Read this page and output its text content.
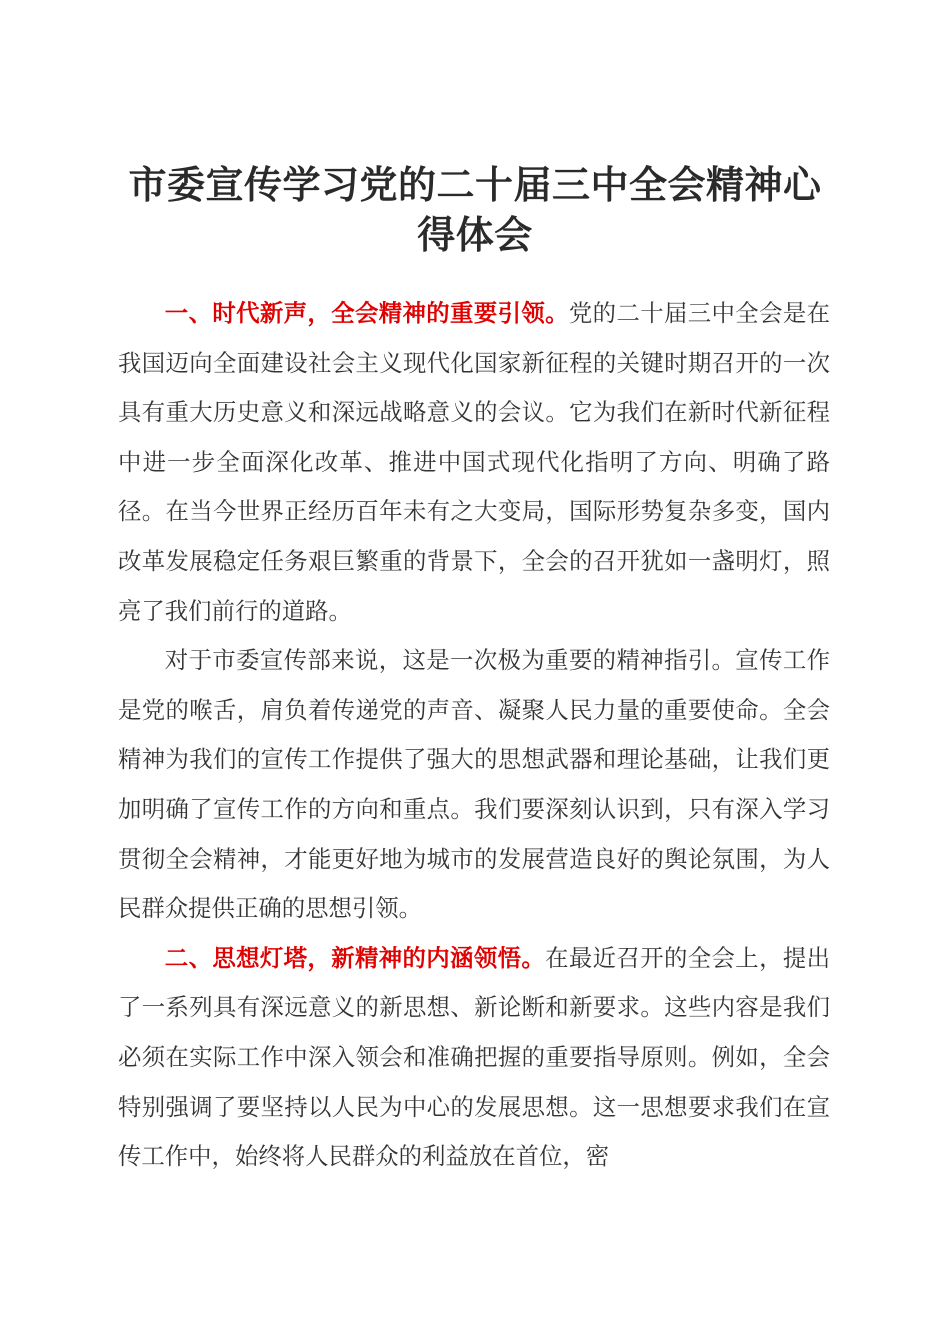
市委宣传学习党的二十届三中全会精神心得体会

一、时代新声，全会精神的重要引领。党的二十届三中全会是在我国迈向全面建设社会主义现代化国家新征程的关键时期召开的一次具有重大历史意义和深远战略意义的会议。它为我们在新时代新征程中进一步全面深化改革、推进中国式现代化指明了方向、明确了路径。在当今世界正经历百年未有之大变局，国际形势复杂多变，国内改革发展稳定任务艰巨繁重的背景下，全会的召开犹如一盏明灯，照亮了我们前行的道路。

对于市委宣传部来说，这是一次极为重要的精神指引。宣传工作是党的喉舌，肩负着传递党的声音、凝聚人民力量的重要使命。全会精神为我们的宣传工作提供了强大的思想武器和理论基础，让我们更加明确了宣传工作的方向和重点。我们要深刻认识到，只有深入学习贯彻全会精神，才能更好地为城市的发展营造良好的舆论氛围，为人民群众提供正确的思想引领。

二、思想灯塔，新精神的内涵领悟。在最近召开的全会上，提出了一系列具有深远意义的新思想、新论断和新要求。这些内容是我们必须在实际工作中深入领会和准确把握的重要指导原则。例如，全会特别强调了要坚持以人民为中心的发展思想。这一思想要求我们在宣传工作中，始终将人民群众的利益放在首位，密
